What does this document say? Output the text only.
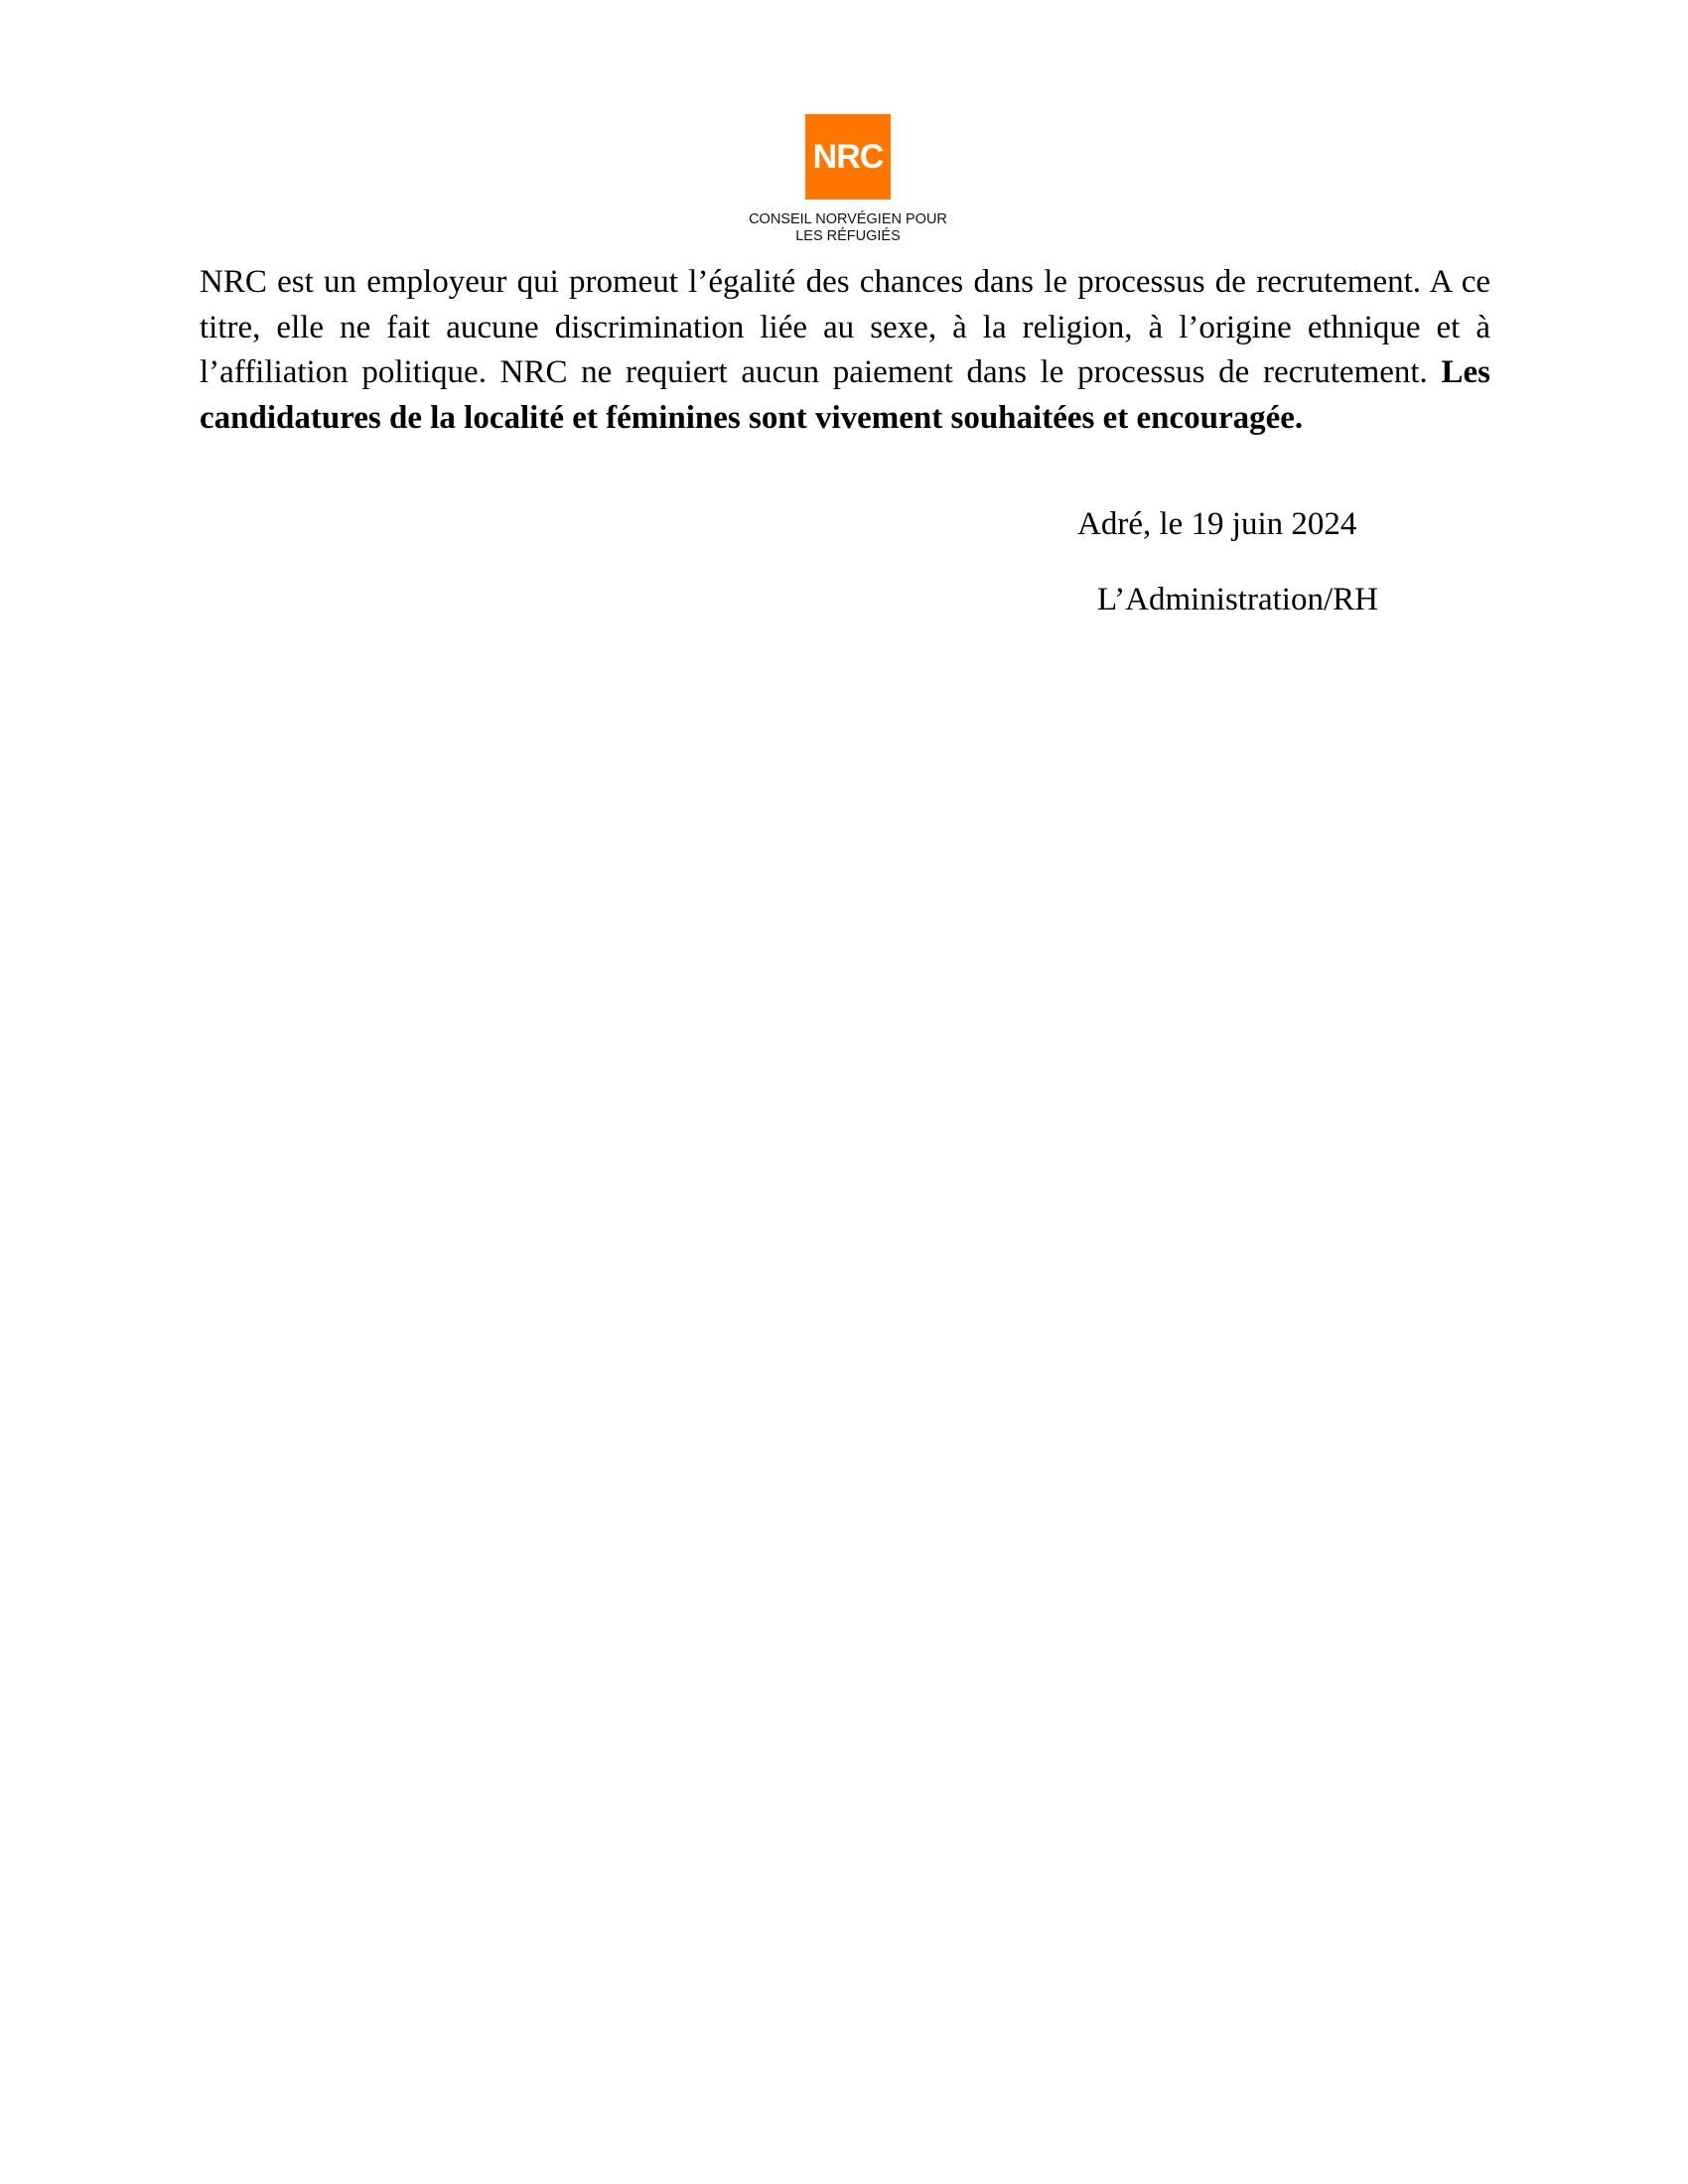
NRC
CONSEIL NORVÉGIEN POUR
LES RÉFUGIÉS

NRC est un employeur qui promeut l’égalité des chances dans le processus de recrutement. A ce titre, elle ne fait aucune discrimination liée au sexe, à la religion, à l’origine ethnique et à l’affiliation politique. NRC ne requiert aucun paiement dans le processus de recrutement. Les candidatures de la localité et féminines sont vivement souhaitées et encouragée.

Adré, le 19 juin 2024
L’Administration/RH
